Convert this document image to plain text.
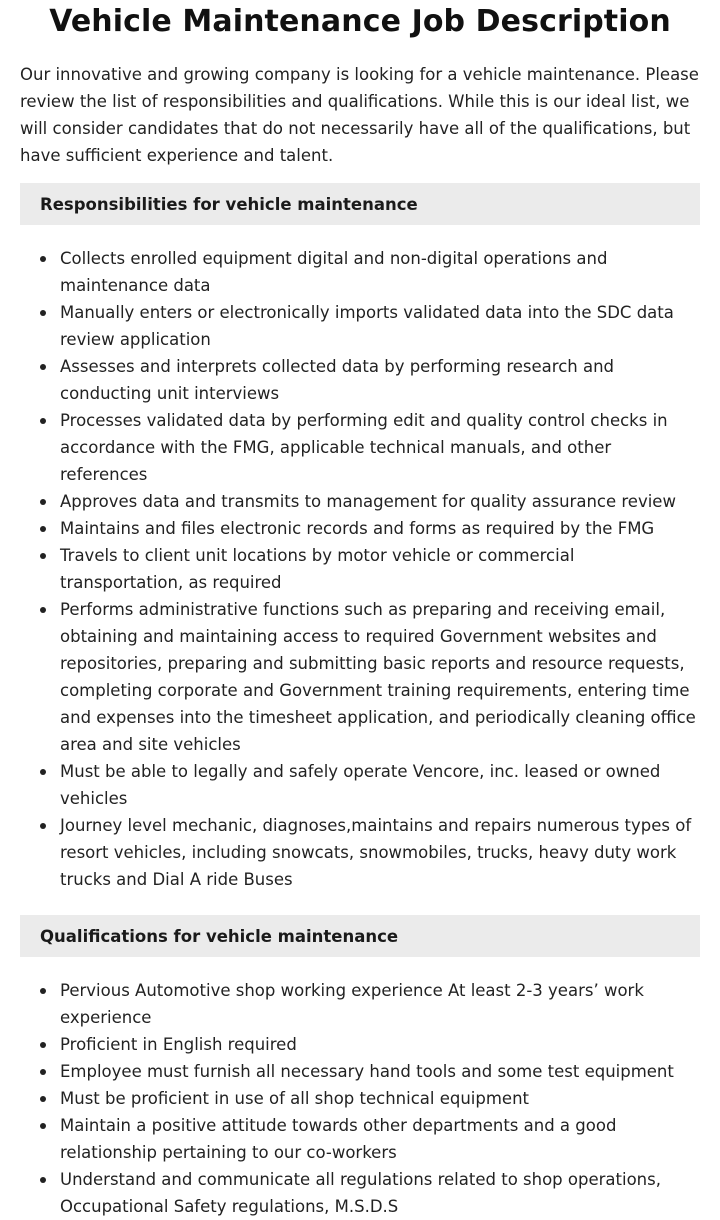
Vehicle Maintenance Job Description

Our innovative and growing company is looking for a vehicle maintenance. Please review the list of responsibilities and qualifications. While this is our ideal list, we will consider candidates that do not necessarily have all of the qualifications, but have sufficient experience and talent.

Responsibilities for vehicle maintenance
Collects enrolled equipment digital and non-digital operations and maintenance data
Manually enters or electronically imports validated data into the SDC data review application
Assesses and interprets collected data by performing research and conducting unit interviews
Processes validated data by performing edit and quality control checks in accordance with the FMG, applicable technical manuals, and other references
Approves data and transmits to management for quality assurance review
Maintains and files electronic records and forms as required by the FMG
Travels to client unit locations by motor vehicle or commercial transportation, as required
Performs administrative functions such as preparing and receiving email, obtaining and maintaining access to required Government websites and repositories, preparing and submitting basic reports and resource requests, completing corporate and Government training requirements, entering time and expenses into the timesheet application, and periodically cleaning office area and site vehicles
Must be able to legally and safely operate Vencore, inc. leased or owned vehicles
Journey level mechanic, diagnoses,maintains and repairs numerous types of resort vehicles, including snowcats, snowmobiles, trucks, heavy duty work trucks and Dial A ride Buses
Qualifications for vehicle maintenance
Pervious Automotive shop working experience At least 2-3 years’ work experience
Proficient in English required
Employee must furnish all necessary hand tools and some test equipment
Must be proficient in use of all shop technical equipment
Maintain a positive attitude towards other departments and a good relationship pertaining to our co-workers
Understand and communicate all regulations related to shop operations, Occupational Safety regulations, M.S.D.S
